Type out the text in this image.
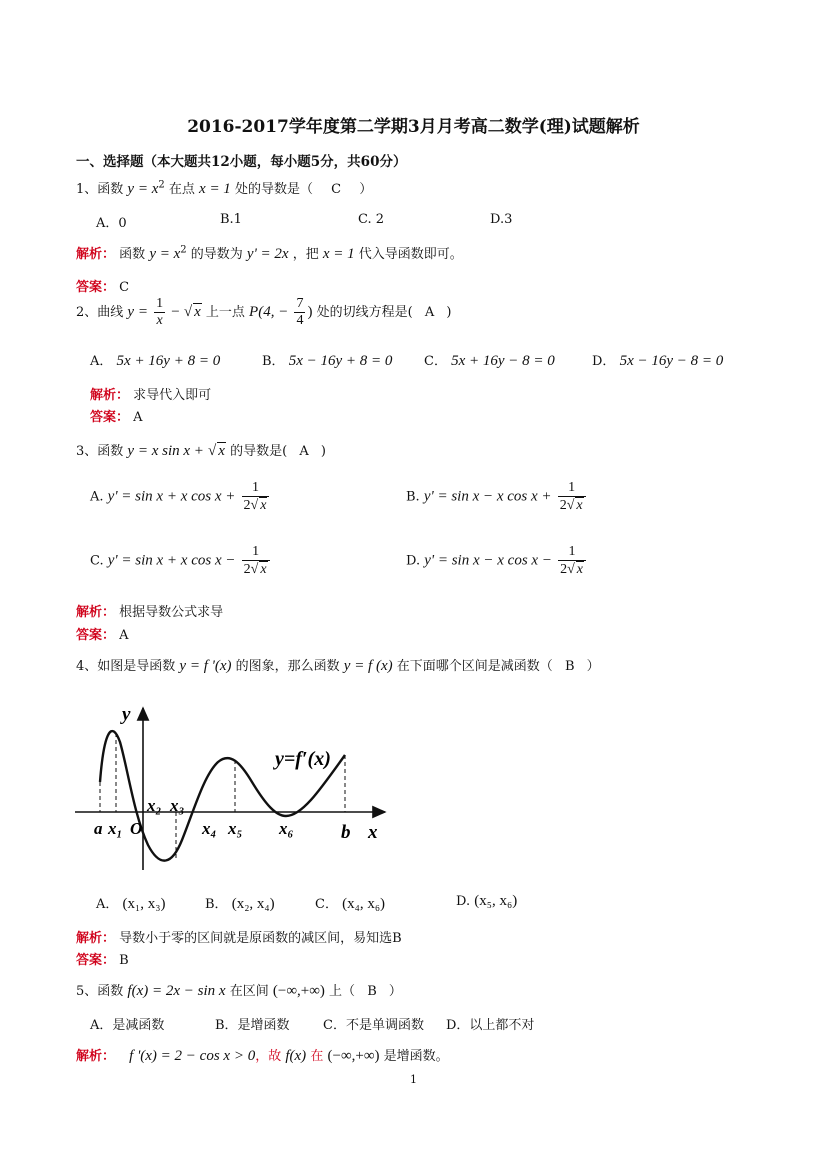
2016-2017学年度第二学期3月月考高二数学(理)试题解析
一、选择题（本大题共12小题，每小题5分，共60分）
1、函数 $y = x^2$ 在点 x = 1 处的导数是（ C ）
A．0	B.1	C. 2	D.3
解析： 函数 $y = x^2$ 的导数为 y' = 2x ，把 x = 1 代入导函数即可。
答案： C
2、曲线 $y = \frac{1}{x}$ − √ x 上一点 P(4, − $\frac{7}{4}$ ) 处的切线方程是( A )
A． 5x + 16y + 8 = 0	B． 5x − 16y + 8 = 0 C． 5x + 16y − 8 = 0	D． 5x − 16y − 8 = 0
解析： 求导代入即可
答案： A
3、函数 y = x sin x + √ x 的导数是( A )
A. y' = sin x + x $\cos x + \frac{1}{2√ x}$	B. y' = sin x − x $\cos x + \frac{1}{2√ x}$
C. y' = sin x + x $\cos x - \frac{1}{2√ x}$	D. y' = sin x − x $\cos x - \frac{1}{2√ x}$
解析： 根据导数公式求导
答案： A
4、如图是导函数 y = f '(x) 的图象，那么函数 y = f (x) 在下面哪个区间是减函数（ B ）
y
x
y=f′(x)
a x₁ O
x₂ x₃
x₄ x₅ x₆	b
A． (x₁, x₃)	B． (x₂, x₄)	C． (x₄, x₆)	D. (x₅, x₆)
解析： 导数小于零的区间就是原函数的减区间，易知选B
答案： B
5、函数 f(x) = 2x − sin x 在区间 (−∞,+∞) 上（ B ）
A．是减函数	B．是增函数	C．不是单调函数 D．以上都不对
解析： f '(x) = 2 − cos x > 0，故 f(x) 在 (−∞,+∞) 是增函数。
1
